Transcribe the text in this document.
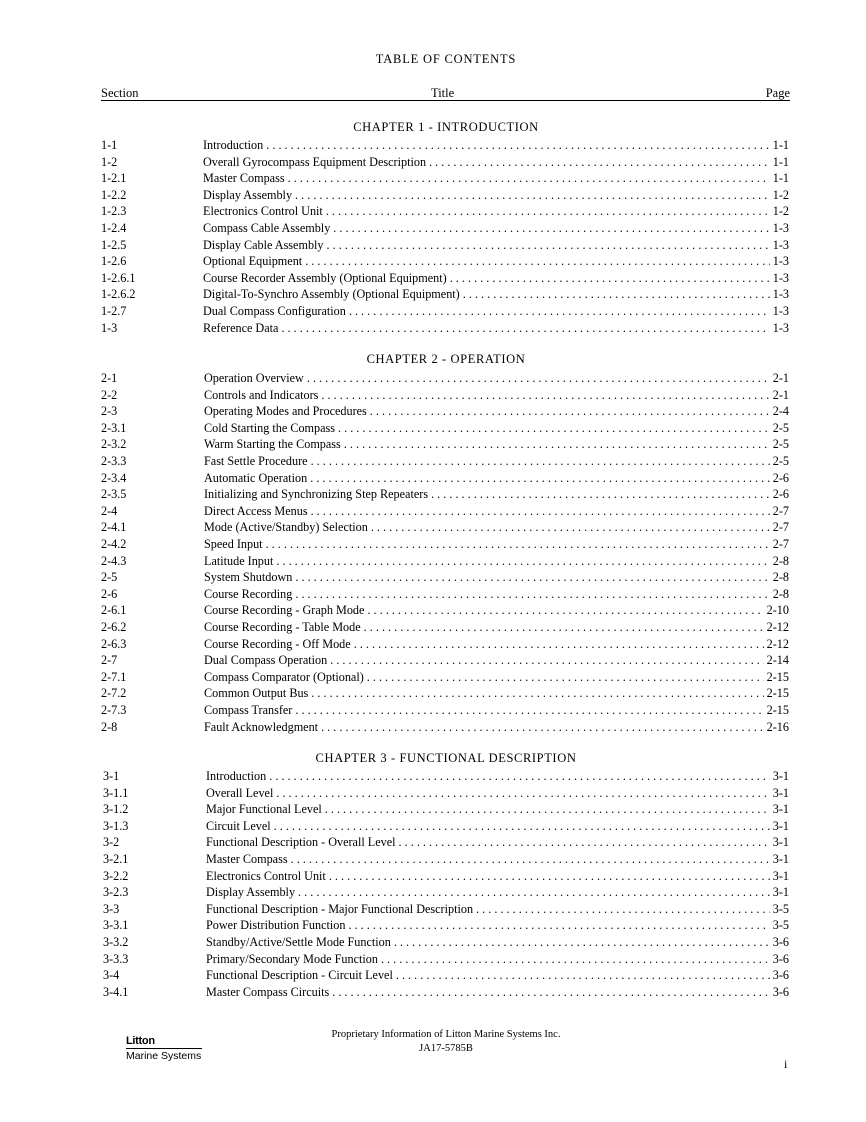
TABLE OF CONTENTS
Section	Title	Page
CHAPTER 1 - INTRODUCTION
1-1	Introduction . . .	1-1
1-2	Overall Gyrocompass Equipment Description . . .	1-1
1-2.1	Master Compass . . .	1-1
1-2.2	Display Assembly . . .	1-2
1-2.3	Electronics Control Unit . . .	1-2
1-2.4	Compass Cable Assembly . . .	1-3
1-2.5	Display Cable Assembly . . .	1-3
1-2.6	Optional Equipment . . .	1-3
1-2.6.1	Course Recorder Assembly (Optional Equipment) . . .	1-3
1-2.6.2	Digital-To-Synchro Assembly (Optional Equipment) . . .	1-3
1-2.7	Dual Compass Configuration . . .	1-3
1-3	Reference Data . . .	1-3
CHAPTER 2 - OPERATION
2-1	Operation Overview . . .	2-1
2-2	Controls and Indicators . . .	2-1
2-3	Operating Modes and Procedures . . .	2-4
2-3.1	Cold Starting the Compass . . .	2-5
2-3.2	Warm Starting the Compass . . .	2-5
2-3.3	Fast Settle Procedure . . .	2-5
2-3.4	Automatic Operation . . .	2-6
2-3.5	Initializing and Synchronizing Step Repeaters . . .	2-6
2-4	Direct Access Menus . . .	2-7
2-4.1	Mode (Active/Standby) Selection . . .	2-7
2-4.2	Speed Input . . .	2-7
2-4.3	Latitude Input . . .	2-8
2-5	System Shutdown . . .	2-8
2-6	Course Recording . . .	2-8
2-6.1	Course Recording - Graph Mode . . .	2-10
2-6.2	Course Recording - Table Mode . . .	2-12
2-6.3	Course Recording - Off Mode . . .	2-12
2-7	Dual Compass Operation . . .	2-14
2-7.1	Compass Comparator (Optional) . . .	2-15
2-7.2	Common Output Bus . . .	2-15
2-7.3	Compass Transfer . . .	2-15
2-8	Fault Acknowledgment . . .	2-16
CHAPTER 3 - FUNCTIONAL DESCRIPTION
3-1	Introduction . . .	3-1
3-1.1	Overall Level . . .	3-1
3-1.2	Major Functional Level . . .	3-1
3-1.3	Circuit Level . . .	3-1
3-2	Functional Description - Overall Level . . .	3-1
3-2.1	Master Compass . . .	3-1
3-2.2	Electronics Control Unit . . .	3-1
3-2.3	Display Assembly . . .	3-1
3-3	Functional Description - Major Functional Description . . .	3-5
3-3.1	Power Distribution Function . . .	3-5
3-3.2	Standby/Active/Settle Mode Function . . .	3-6
3-3.3	Primary/Secondary Mode Function . . .	3-6
3-4	Functional Description - Circuit Level . . .	3-6
3-4.1	Master Compass Circuits . . .	3-6
Proprietary Information of Litton Marine Systems Inc.
JA17-5785B
Litton
Marine Systems
i
